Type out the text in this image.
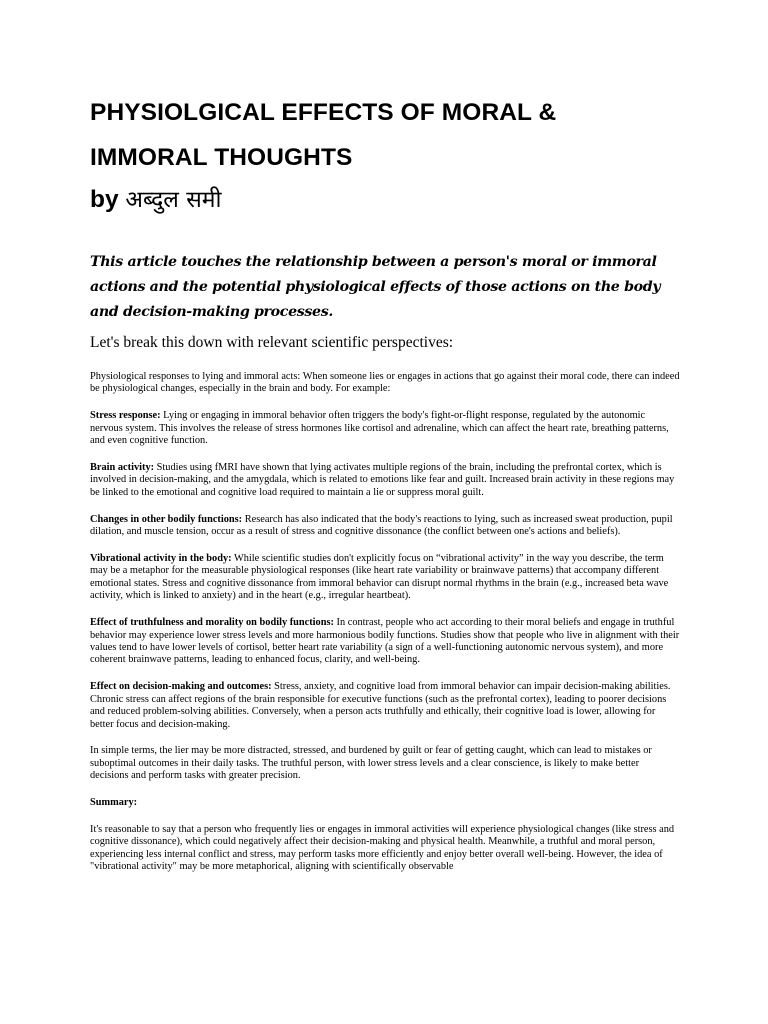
PHYSIOLGICAL EFFECTS OF MORAL &
IMMORAL THOUGHTS
by अब्दुल समी

This article touches the relationship between a person's moral or immoral actions and the potential physiological effects of those actions on the body and decision-making processes.

Let's break this down with relevant scientific perspectives:

Physiological responses to lying and immoral acts: When someone lies or engages in actions that go against their moral code, there can indeed be physiological changes, especially in the brain and body. For example:

Stress response: Lying or engaging in immoral behavior often triggers the body's fight-or-flight response, regulated by the autonomic nervous system. This involves the release of stress hormones like cortisol and adrenaline, which can affect the heart rate, breathing patterns, and even cognitive function.

Brain activity: Studies using fMRI have shown that lying activates multiple regions of the brain, including the prefrontal cortex, which is involved in decision-making, and the amygdala, which is related to emotions like fear and guilt. Increased brain activity in these regions may be linked to the emotional and cognitive load required to maintain a lie or suppress moral guilt.

Changes in other bodily functions: Research has also indicated that the body's reactions to lying, such as increased sweat production, pupil dilation, and muscle tension, occur as a result of stress and cognitive dissonance (the conflict between one's actions and beliefs).

Vibrational activity in the body: While scientific studies don't explicitly focus on “vibrational activity” in the way you describe, the term may be a metaphor for the measurable physiological responses (like heart rate variability or brainwave patterns) that accompany different emotional states. Stress and cognitive dissonance from immoral behavior can disrupt normal rhythms in the brain (e.g., increased beta wave activity, which is linked to anxiety) and in the heart (e.g., irregular heartbeat).

Effect of truthfulness and morality on bodily functions: In contrast, people who act according to their moral beliefs and engage in truthful behavior may experience lower stress levels and more harmonious bodily functions. Studies show that people who live in alignment with their values tend to have lower levels of cortisol, better heart rate variability (a sign of a well-functioning autonomic nervous system), and more coherent brainwave patterns, leading to enhanced focus, clarity, and well-being.

Effect on decision-making and outcomes: Stress, anxiety, and cognitive load from immoral behavior can impair decision-making abilities. Chronic stress can affect regions of the brain responsible for executive functions (such as the prefrontal cortex), leading to poorer decisions and reduced problem-solving abilities. Conversely, when a person acts truthfully and ethically, their cognitive load is lower, allowing for better focus and decision-making.

In simple terms, the lier may be more distracted, stressed, and burdened by guilt or fear of getting caught, which can lead to mistakes or suboptimal outcomes in their daily tasks. The truthful person, with lower stress levels and a clear conscience, is likely to make better decisions and perform tasks with greater precision.

Summary:

It's reasonable to say that a person who frequently lies or engages in immoral activities will experience physiological changes (like stress and cognitive dissonance), which could negatively affect their decision-making and physical health. Meanwhile, a truthful and moral person, experiencing less internal conflict and stress, may perform tasks more efficiently and enjoy better overall well-being. However, the idea of "vibrational activity" may be more metaphorical, aligning with scientifically observable
